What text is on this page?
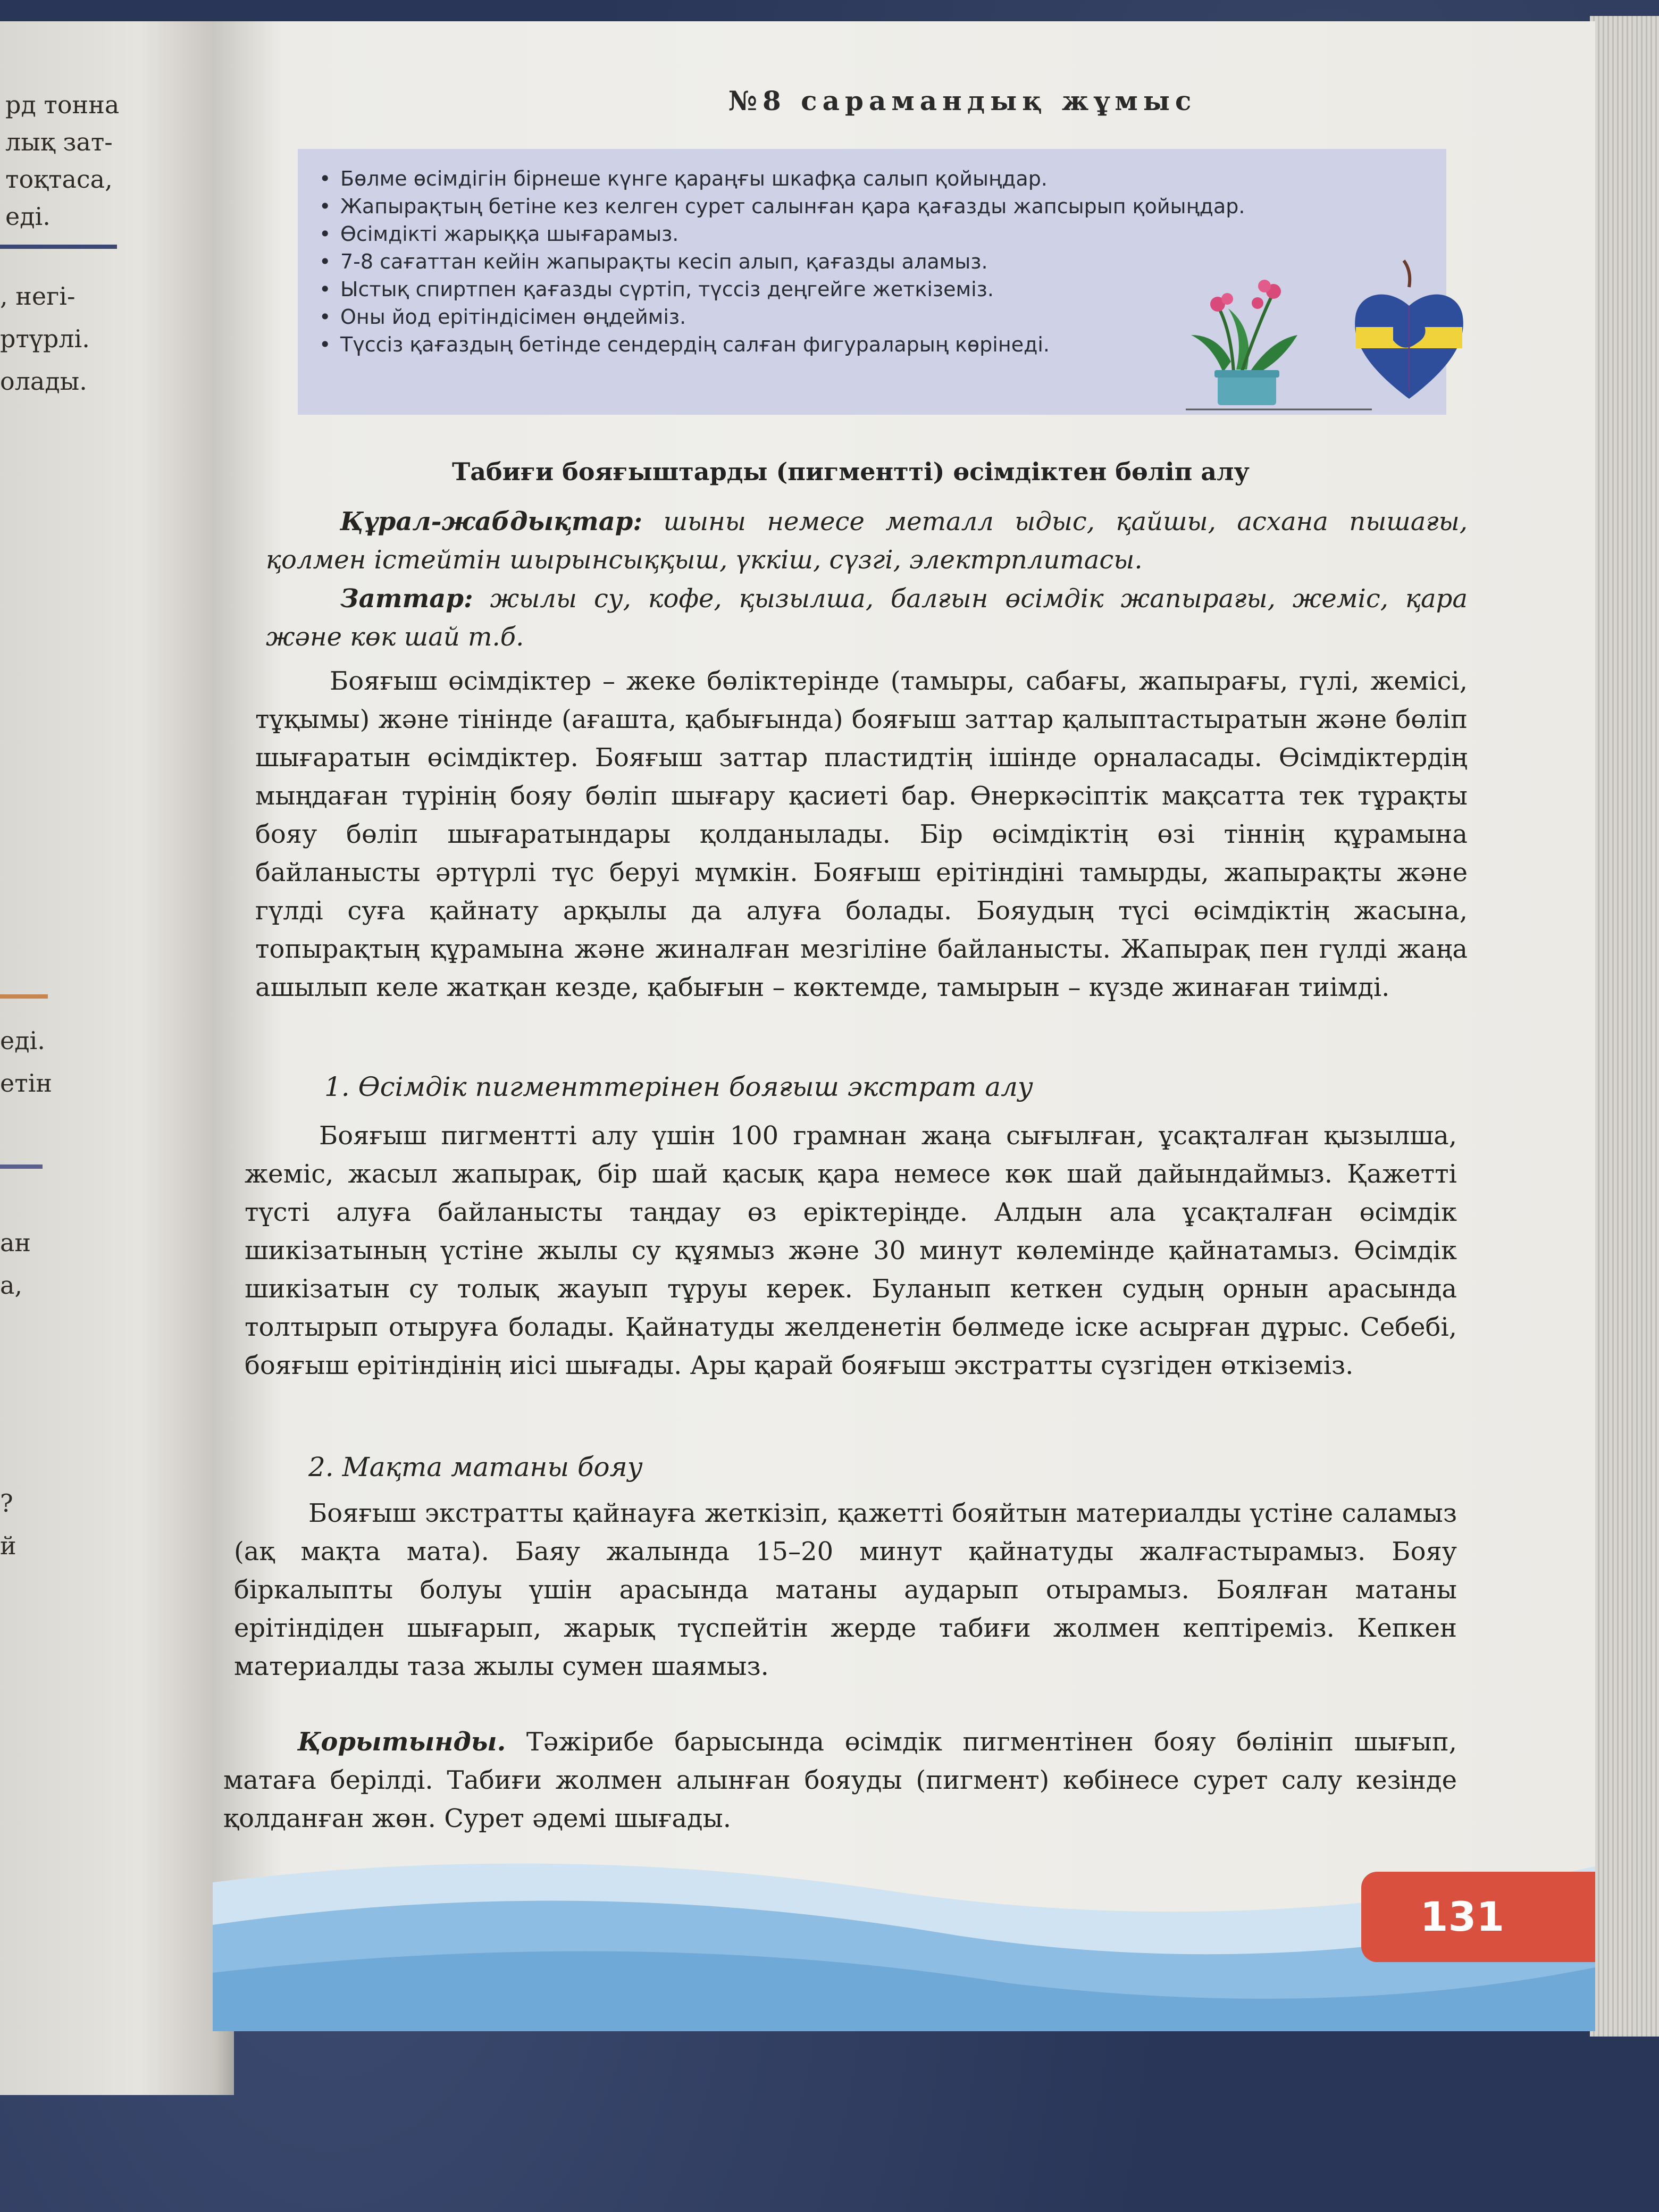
рд тонна
лық зат-
тоқтаса,
еді.
, негі-
ртүрлі.
олады.
еді.
етін
ан
а,
?
й
№8 сарамандық жұмыс
• Бөлме өсімдігін бірнеше күнге қараңғы шкафқа салып қойыңдар.
• Жапырақтың бетіне кез келген сурет салынған қара қағазды жапсырып қойыңдар.
• Өсімдікті жарыққа шығарамыз.
• 7-8 сағаттан кейін жапырақты кесіп алып, қағазды аламыз.
• Ыстық спиртпен қағазды сүртіп, түссіз деңгейге жеткіземіз.
• Оны йод ерітіндісімен өңдейміз.
• Түссіз қағаздың бетінде сендердің салған фигураларың көрінеді.
Табиғи бояғыштарды (пигментті) өсімдіктен бөліп алу

Құрал-жабдықтар: шыны немесе металл ыдыс, қайшы, асхана пышағы, қолмен істейтін шырынсыққыш, үккіш, сүзгі, электрплитасы.

Заттар: жылы су, кофе, қызылша, балғын өсімдік жапырағы, жеміс, қара және көк шай т.б.

Бояғыш өсімдіктер – жеке бөліктерінде (тамыры, сабағы, жапырағы, гүлі, жемісі, тұқымы) және тінінде (ағашта, қабығында) бояғыш заттар қалыптастыратын және бөліп шығаратын өсімдіктер. Бояғыш заттар пластидтің ішінде орналасады. Өсімдіктердің мыңдаған түрінің бояу бөліп шығару қасиеті бар. Өнеркәсіптік мақсатта тек тұрақты бояу бөліп шығаратындары қолданылады. Бір өсімдіктің өзі тіннің құрамына байланысты әртүрлі түс беруі мүмкін. Бояғыш ерітіндіні тамырды, жапырақты және гүлді суға қайнату арқылы да алуға болады. Бояудың түсі өсімдіктің жасына, топырақтың құрамына және жиналған мезгіліне байланысты. Жапырақ пен гүлді жаңа ашылып келе жатқан кезде, қабығын – көктемде, тамырын – күзде жинаған тиімді.

1. Өсімдік пигменттерінен бояғыш экстрат алу

Бояғыш пигментті алу үшін 100 грамнан жаңа сығылған, ұсақталған қызылша, жеміс, жасыл жапырақ, бір шай қасық қара немесе көк шай дайындаймыз. Қажетті түсті алуға байланысты таңдау өз еріктеріңде. Алдын ала ұсақталған өсімдік шикізатының үстіне жылы су құямыз және 30 минут көлемінде қайнатамыз. Өсімдік шикізатын су толық жауып тұруы керек. Буланып кеткен судың орнын арасында толтырып отыруға болады. Қайнатуды желденетін бөлмеде іске асырған дұрыс. Себебі, бояғыш ерітіндінің иісі шығады. Ары қарай бояғыш экстратты сүзгіден өткіземіз.

2. Мақта матаны бояу

Бояғыш экстратты қайнауға жеткізіп, қажетті бояйтын материалды үстіне саламыз (ақ мақта мата). Баяу жалында 15–20 минут қайнатуды жалғастырамыз. Бояу біркалыпты болуы үшін арасында матаны аударып отырамыз. Боялған матаны ерітіндіден шығарып, жарық түспейтін жерде табиғи жолмен кептіреміз. Кепкен материалды таза жылы сумен шаямыз.

Қорытынды. Тәжірибе барысында өсімдік пигментінен бояу бөлініп шығып, матаға берілді. Табиғи жолмен алынған бояуды (пигмент) көбінесе сурет салу кезінде қолданған жөн. Сурет әдемі шығады.

131
